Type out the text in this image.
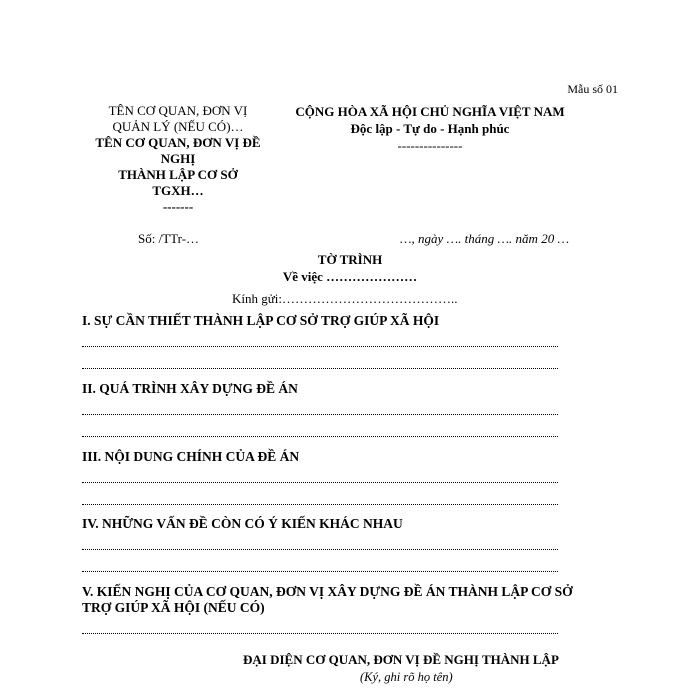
Mẫu số 01
TÊN CƠ QUAN, ĐƠN VỊ
QUẢN LÝ (NẾU CÓ)…
TÊN CƠ QUAN, ĐƠN VỊ ĐỀ
NGHỊ
THÀNH LẬP CƠ SỞ
TGXH…
-------
CỘNG HÒA XÃ HỘI CHỦ NGHĨA VIỆT NAM
Độc lập - Tự do - Hạnh phúc
---------------
Số: /TTr-…	…, ngày …. tháng …. năm 20 …
TỜ TRÌNH
Về việc …………………
Kính gửi:…………………………………..
I. SỰ CẦN THIẾT THÀNH LẬP CƠ SỞ TRỢ GIÚP XÃ HỘI
II. QUÁ TRÌNH XÂY DỰNG ĐỀ ÁN
III. NỘI DUNG CHÍNH CỦA ĐỀ ÁN
IV. NHỮNG VẤN ĐỀ CÒN CÓ Ý KIẾN KHÁC NHAU
V. KIẾN NGHỊ CỦA CƠ QUAN, ĐƠN VỊ XÂY DỰNG ĐỀ ÁN THÀNH LẬP CƠ SỞ
TRỢ GIÚP XÃ HỘI (NẾU CÓ)
ĐẠI DIỆN CƠ QUAN, ĐƠN VỊ ĐỀ NGHỊ THÀNH LẬP
(Ký, ghi rõ họ tên)
